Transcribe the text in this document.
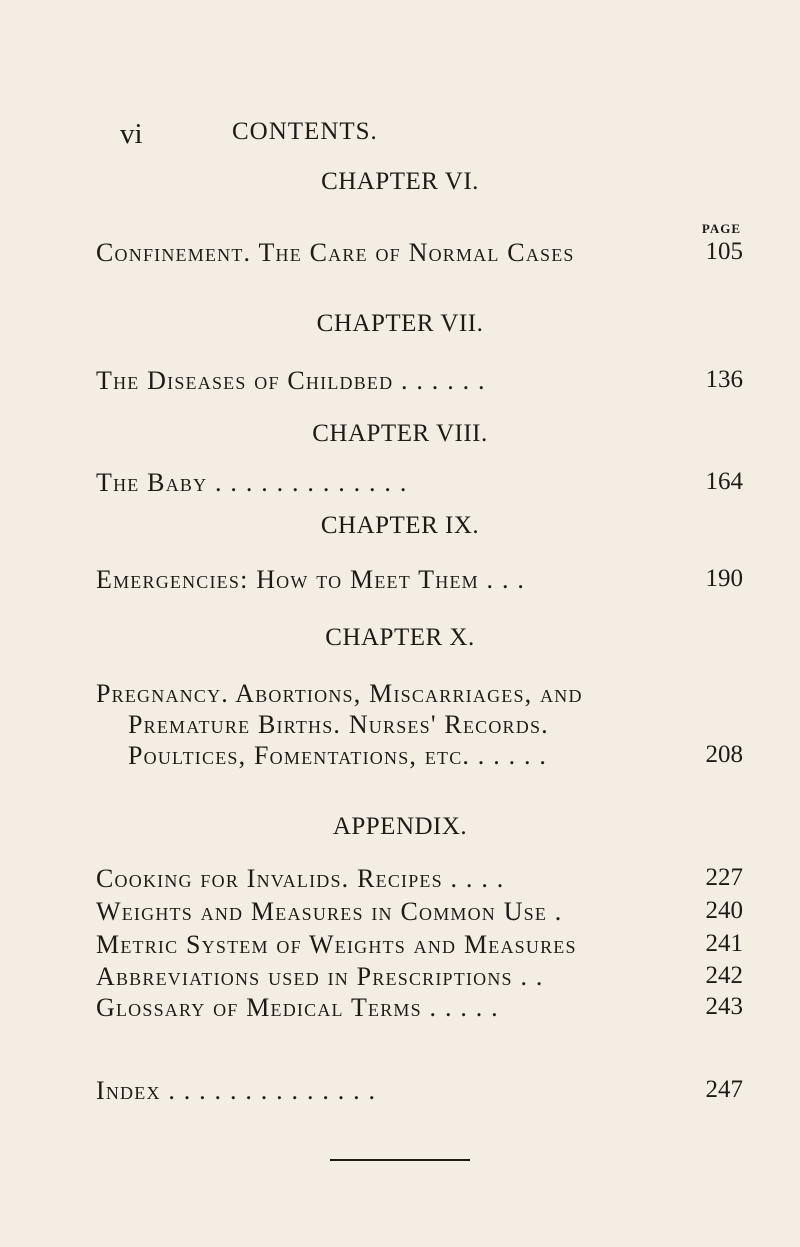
vi	CONTENTS.
CHAPTER VI.
PAGE
Confinement. The Care of Normal Cases	105
CHAPTER VII.
The Diseases of Childbed . . . . . .	136
CHAPTER VIII.
The Baby . . . . . . . . . . . . .	164
CHAPTER IX.
Emergencies: How to Meet Them . . .	190
CHAPTER X.
Pregnancy. Abortions, Miscarriages, and
Premature Births. Nurses' Records.
Poultices, Fomentations, etc. . . . . .	208
APPENDIX.
Cooking for Invalids. Recipes . . . .	227
Weights and Measures in Common Use .	240
Metric System of Weights and Measures	241
Abbreviations used in Prescriptions . .	242
Glossary of Medical Terms . . . . .	243
Index . . . . . . . . . . . . . .	247
